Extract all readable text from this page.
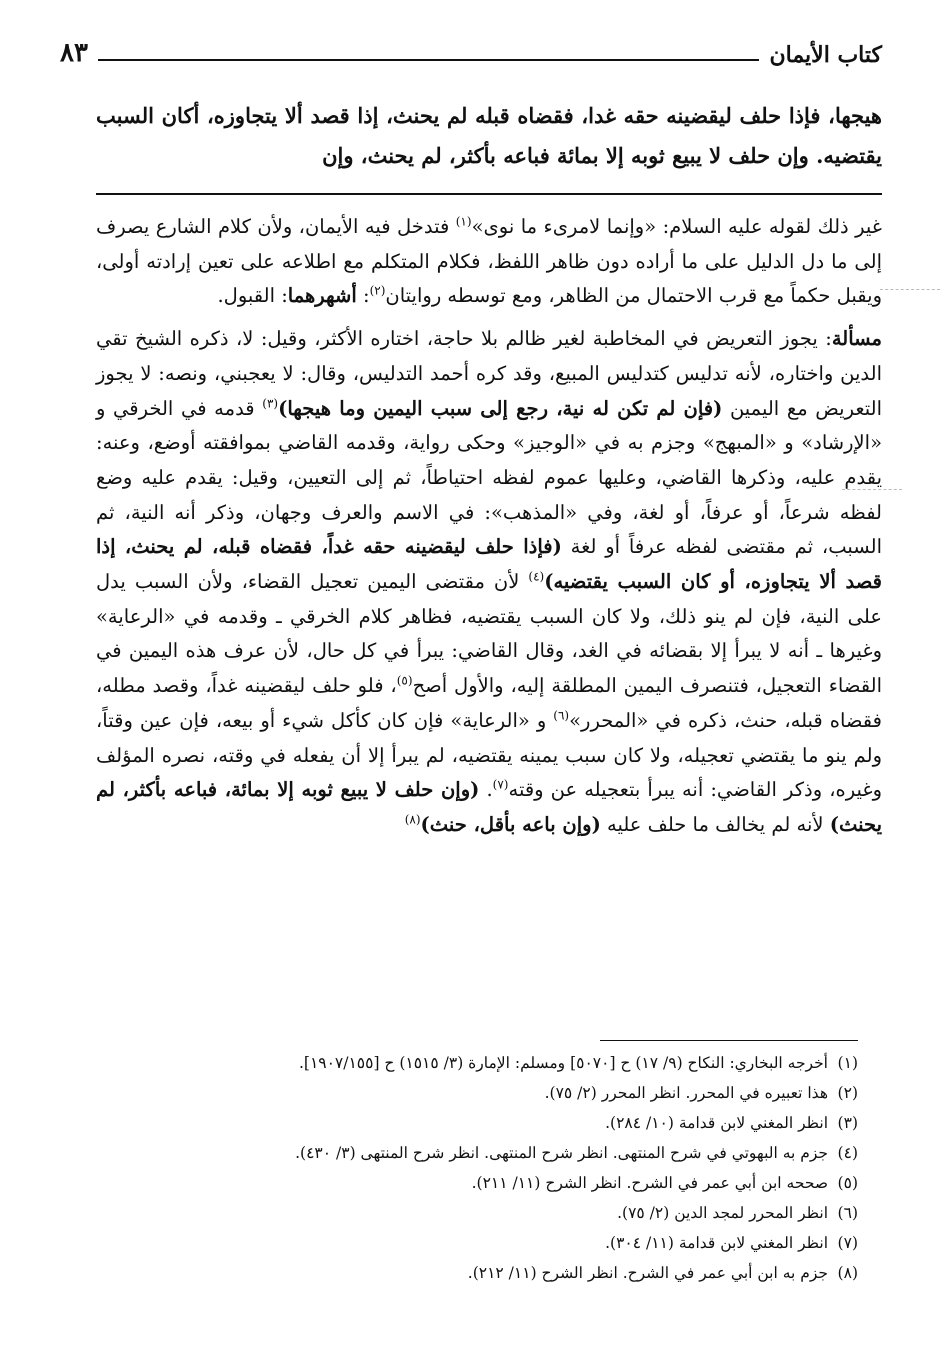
كتاب الأيمان
٨٣
هيجها، فإذا حلف ليقضينه حقه غدا، فقضاه قبله لم يحنث، إذا قصد ألا يتجاوزه، أكان السبب يقتضيه. وإن حلف لا يبيع ثوبه إلا بمائة فباعه بأكثر، لم يحنث، وإن

غير ذلك لقوله عليه السلام: «وإنما لامرىء ما نوى»$^{(١)}$ فتدخل فيه الأيمان، ولأن كلام الشارع يصرف إلى ما دل الدليل على ما أراده دون ظاهر اللفظ، فكلام المتكلم مع اطلاعه على تعين إرادته أولى، ويقبل حكماً مع قرب الاحتمال من الظاهر، ومع توسطه روايتان$^{(٢)}$: أشهرهما: القبول.

مسألة: يجوز التعريض في المخاطبة لغير ظالم بلا حاجة، اختاره الأكثر، وقيل: لا، ذكره الشيخ تقي الدين واختاره، لأنه تدليس كتدليس المبيع، وقد كره أحمد التدليس، وقال: لا يعجبني، ونصه: لا يجوز التعريض مع اليمين (فإن لم تكن له نية، رجع إلى سبب اليمين وما هيجها)$^{(٣)}$ قدمه في الخرقي و «الإرشاد» و «المبهج» وجزم به في «الوجيز» وحكى رواية، وقدمه القاضي بموافقته أوضع، وعنه: يقدم عليه، وذكرها القاضي، وعليها عموم لفظه احتياطاً، ثم إلى التعيين، وقيل: يقدم عليه وضع لفظه شرعاً، أو عرفاً، أو لغة، وفي «المذهب»: في الاسم والعرف وجهان، وذكر أنه النية، ثم السبب، ثم مقتضى لفظه عرفاً أو لغة (فإذا حلف ليقضينه حقه غداً، فقضاه قبله، لم يحنث، إذا قصد ألا يتجاوزه، أو كان السبب يقتضيه)$^{(٤)}$ لأن مقتضى اليمين تعجيل القضاء، ولأن السبب يدل على النية، فإن لم ينو ذلك، ولا كان السبب يقتضيه، فظاهر كلام الخرقي ـ وقدمه في «الرعاية» وغيرها ـ أنه لا يبرأ إلا بقضائه في الغد، وقال القاضي: يبرأ في كل حال، لأن عرف هذه اليمين في القضاء التعجيل، فتنصرف اليمين المطلقة إليه، والأول أصح$^{(٥)}$، فلو حلف ليقضينه غداً، وقصد مطله، فقضاه قبله، حنث، ذكره في «المحرر»$^{(٦)}$ و «الرعاية» فإن كان كأكل شيء أو بيعه، فإن عين وقتاً، ولم ينو ما يقتضي تعجيله، ولا كان سبب يمينه يقتضيه، لم يبرأ إلا أن يفعله في وقته، نصره المؤلف وغيره، وذكر القاضي: أنه يبرأ بتعجيله عن وقته$^{(٧)}$. (وإن حلف لا يبيع ثوبه إلا بمائة، فباعه بأكثر، لم يحنث) لأنه لم يخالف ما حلف عليه (وإن باعه بأقل، حنث)$^{(٨)}$

(١)أخرجه البخاري: النكاح (٩/ ١٧) ح [٥٠٧٠] ومسلم: الإمارة (٣/ ١٥١٥) ح [١٩٠٧/١٥٥].
(٢)هذا تعبيره في المحرر. انظر المحرر (٢/ ٧٥).
(٣)انظر المغني لابن قدامة (١٠/ ٢٨٤).
(٤)جزم به البهوتي في شرح المنتهى. انظر شرح المنتهى. انظر شرح المنتهى (٣/ ٤٣٠).
(٥)صححه ابن أبي عمر في الشرح. انظر الشرح (١١/ ٢١١).
(٦)انظر المحرر لمجد الدين (٢/ ٧٥).
(٧)انظر المغني لابن قدامة (١١/ ٣٠٤).
(٨)جزم به ابن أبي عمر في الشرح. انظر الشرح (١١/ ٢١٢).
